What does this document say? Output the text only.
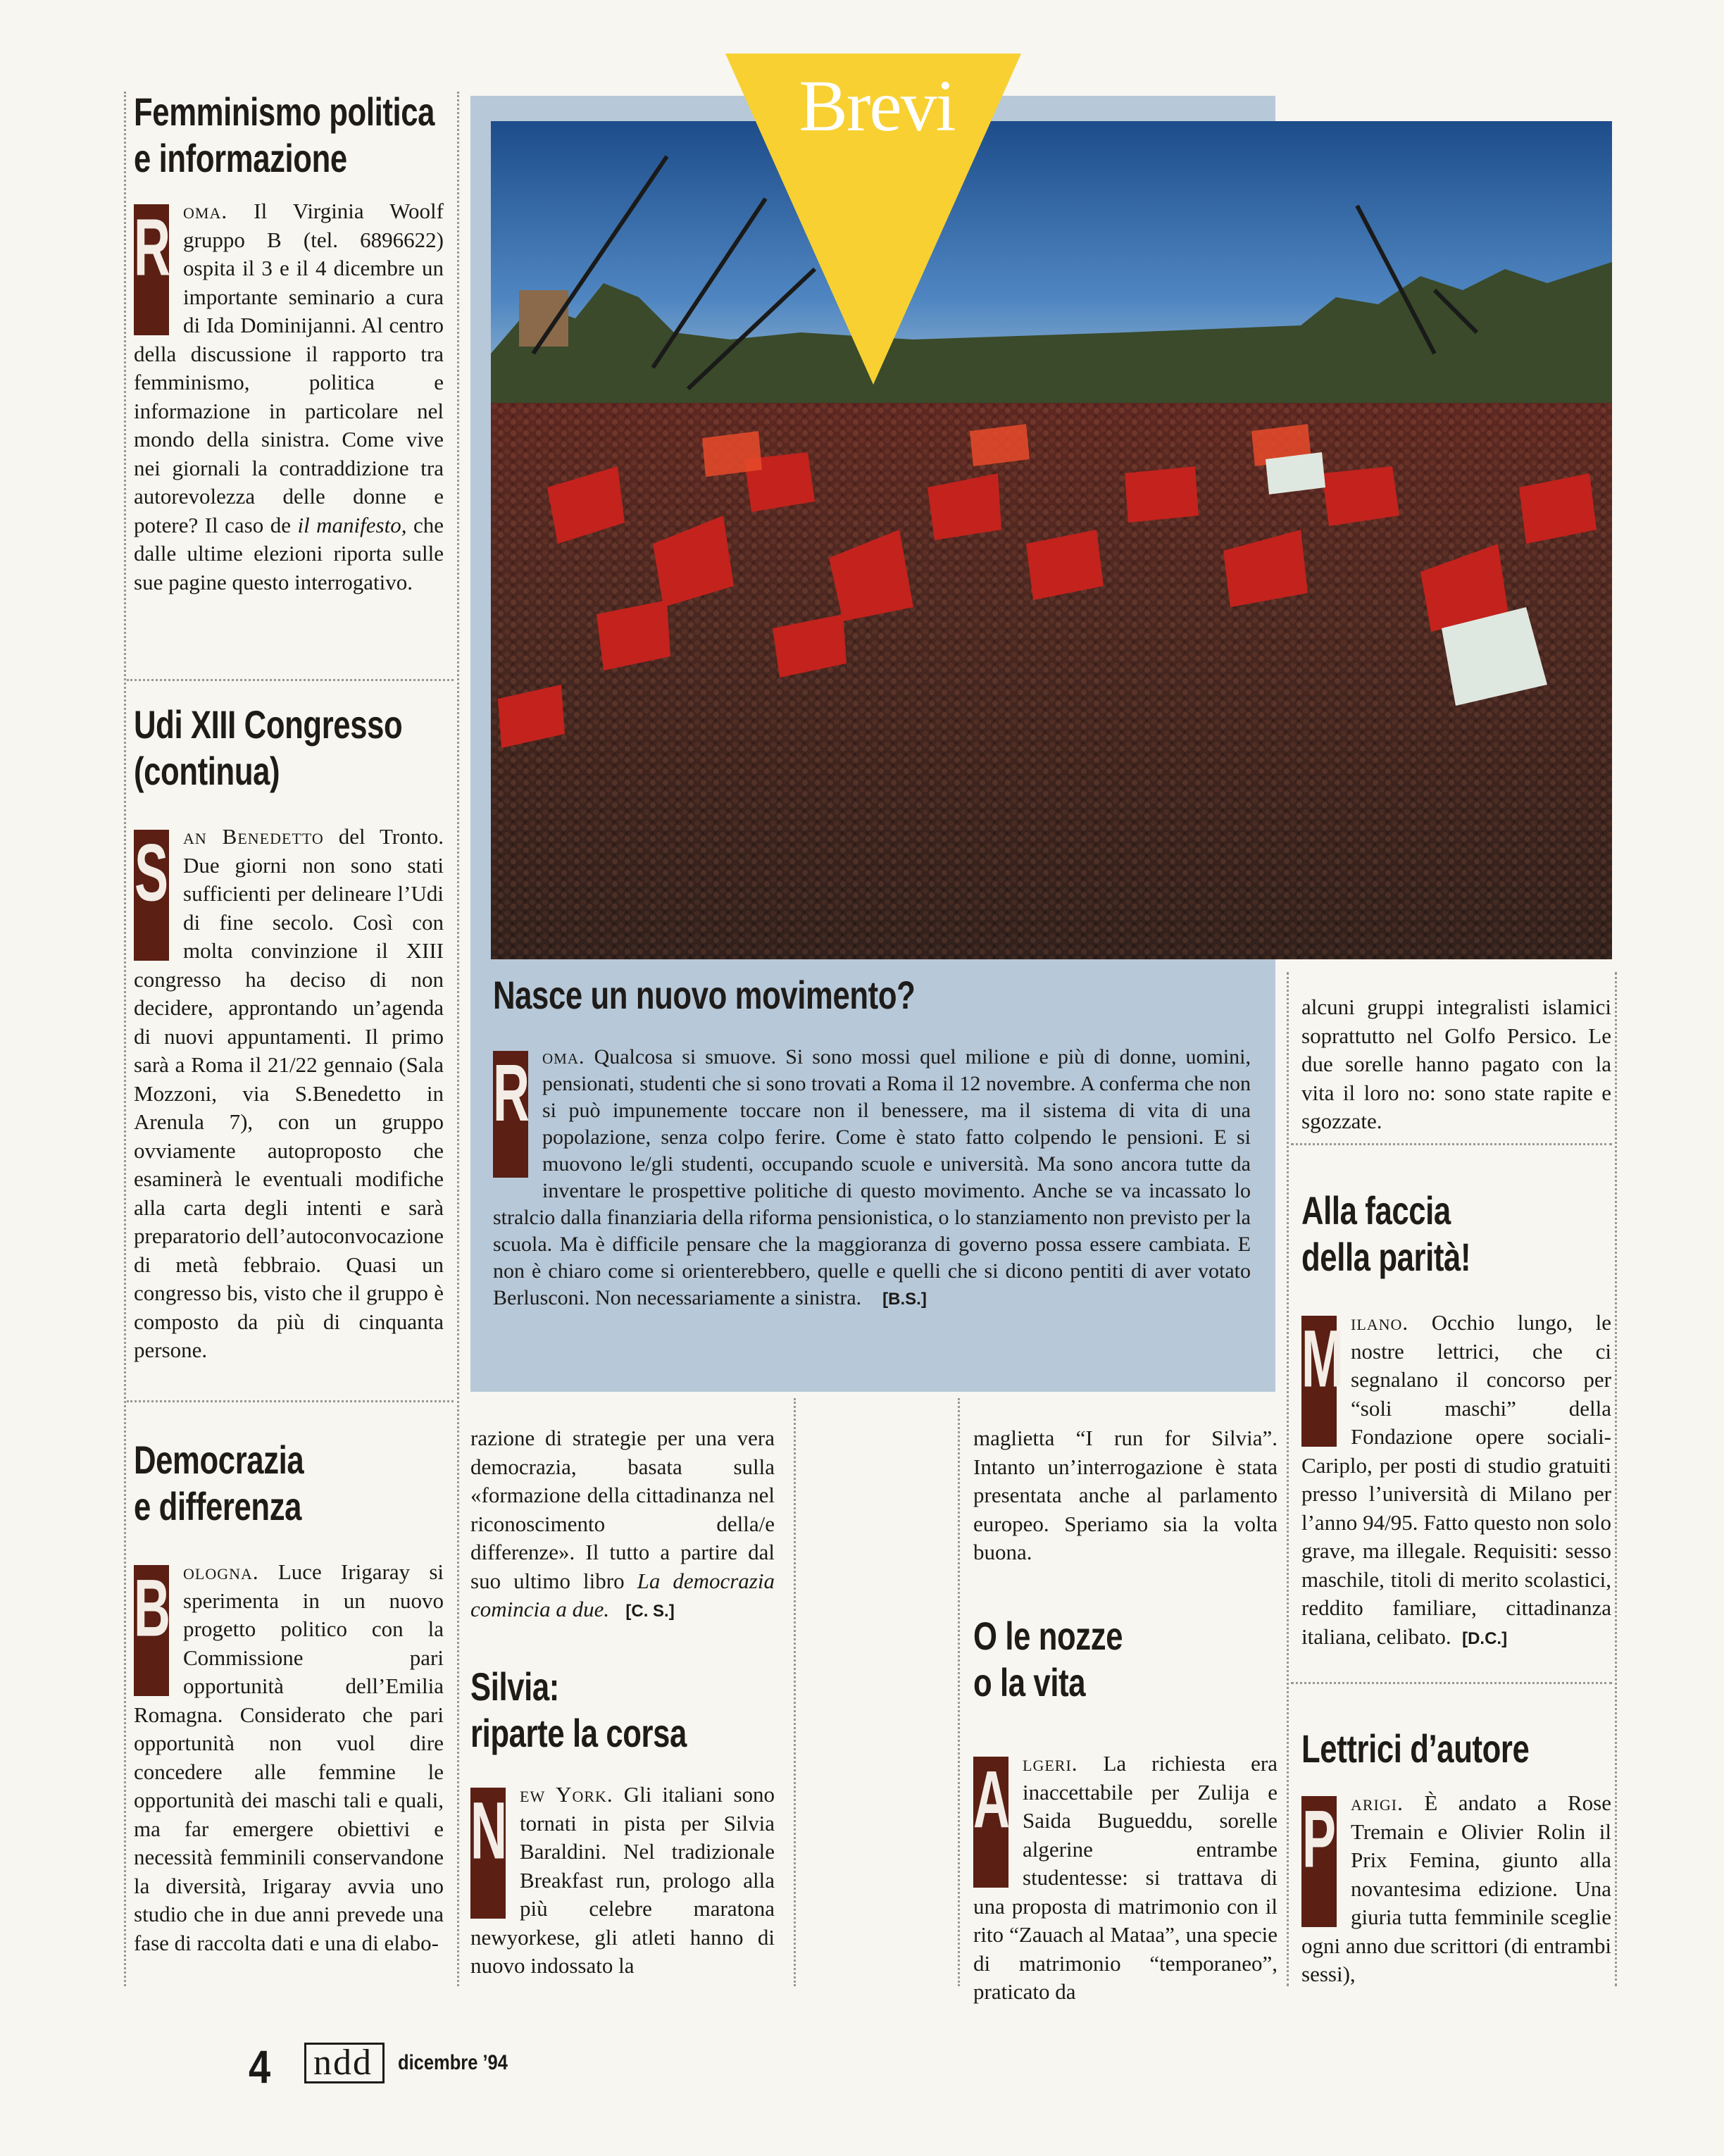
Femminismo politica
e informazione

R oma. Il Virginia Woolf gruppo B (tel. 6896622) ospita il 3 e il 4 dicembre un importante seminario a cura di Ida Dominijanni. Al centro della discussione il rapporto tra femminismo, politica e informazione in particolare nel mondo della sinistra. Come vive nei giornali la contraddizione tra autorevolezza delle donne e potere? Il caso de il manifesto, che dalle ultime elezioni riporta sulle sue pagine questo interrogativo.

Udi XIII Congresso
(continua)

S an Benedetto del Tronto. Due giorni non sono stati sufficienti per delineare l’Udi di fine secolo. Così con molta convinzione il XIII congresso ha deciso di non decidere, approntando un’agenda di nuovi appuntamenti. Il primo sarà a Roma il 21/22 gennaio (Sala Mozzoni, via S.Benedetto in Arenula 7), con un gruppo ovviamente autoproposto che esaminerà le eventuali modifiche alla carta degli intenti e sarà preparatorio dell’autoconvocazione di metà febbraio. Quasi un congresso bis, visto che il gruppo è composto da più di cinquanta persone.

Democrazia
e differenza

B ologna. Luce Irigaray si sperimenta in un nuovo progetto politico con la Commissione pari opportunità dell’Emilia Romagna. Considerato che pari opportunità non vuol dire concedere alle femmine le opportunità dei maschi tali e quali, ma far emergere obiettivi e necessità femminili conservandone la diversità, Irigaray avvia uno studio che in due anni prevede una fase di raccolta dati e una di elabo-

Brevi
Nasce un nuovo movimento?

R oma. Qualcosa si smuove. Si sono mossi quel milione e più di donne, uomini, pensionati, studenti che si sono trovati a Roma il 12 novembre. A conferma che non si può impunemente toccare non il benessere, ma il sistema di vita di una popolazione, senza colpo ferire. Come è stato fatto colpendo le pensioni. E si muovono le/gli studenti, occupando scuole e università. Ma sono ancora tutte da inventare le prospettive politiche di questo movimento. Anche se va incassato lo stralcio dalla finanziaria della riforma pensionistica, o lo stanziamento non previsto per la scuola. Ma è difficile pensare che la maggioranza di governo possa essere cambiata. E non è chiaro come si orienterebbero, quelle e quelli che si dicono pentiti di aver votato Berlusconi. Non necessariamente a sinistra. [B.S.]

razione di strategie per una vera democrazia, basata sulla «formazione della cittadinanza nel riconoscimento della/e differenze». Il tutto a partire dal suo ultimo libro La democrazia comincia a due. [C. S.]

Silvia:
riparte la corsa

N ew York. Gli italiani sono tornati in pista per Silvia Baraldini. Nel tradizionale Breakfast run, prologo alla più celebre maratona newyorkese, gli atleti hanno di nuovo indossato la

maglietta “I run for Silvia”. Intanto un’interrogazione è stata presentata anche al parlamento europeo. Speriamo sia la volta buona.

O le nozze
o la vita

A lgeri. La richiesta era inaccettabile per Zulija e Saida Bugueddu, sorelle algerine entrambe studentesse: si trattava di una proposta di matrimonio con il rito “Zauach al Mataa”, una specie di matrimonio “temporaneo”, praticato da

alcuni gruppi integralisti islamici soprattutto nel Golfo Persico. Le due sorelle hanno pagato con la vita il loro no: sono state rapite e sgozzate.

Alla faccia
della parità!

M ilano. Occhio lungo, le nostre lettrici, che ci segnalano il concorso per “soli maschi” della Fondazione opere sociali-Cariplo, per posti di studio gratuiti presso l’università di Milano per l’anno 94/95. Fatto questo non solo grave, ma illegale. Requisiti: sesso maschile, titoli di merito scolastici, reddito familiare, cittadinanza italiana, celibato. [D.C.]

Lettrici d’autore

P arigi. È andato a Rose Tremain e Olivier Rolin il Prix Femina, giunto alla novantesima edizione. Una giuria tutta femminile sceglie ogni anno due scrittori (di entrambi sessi),

4 ndd dicembre ’94
